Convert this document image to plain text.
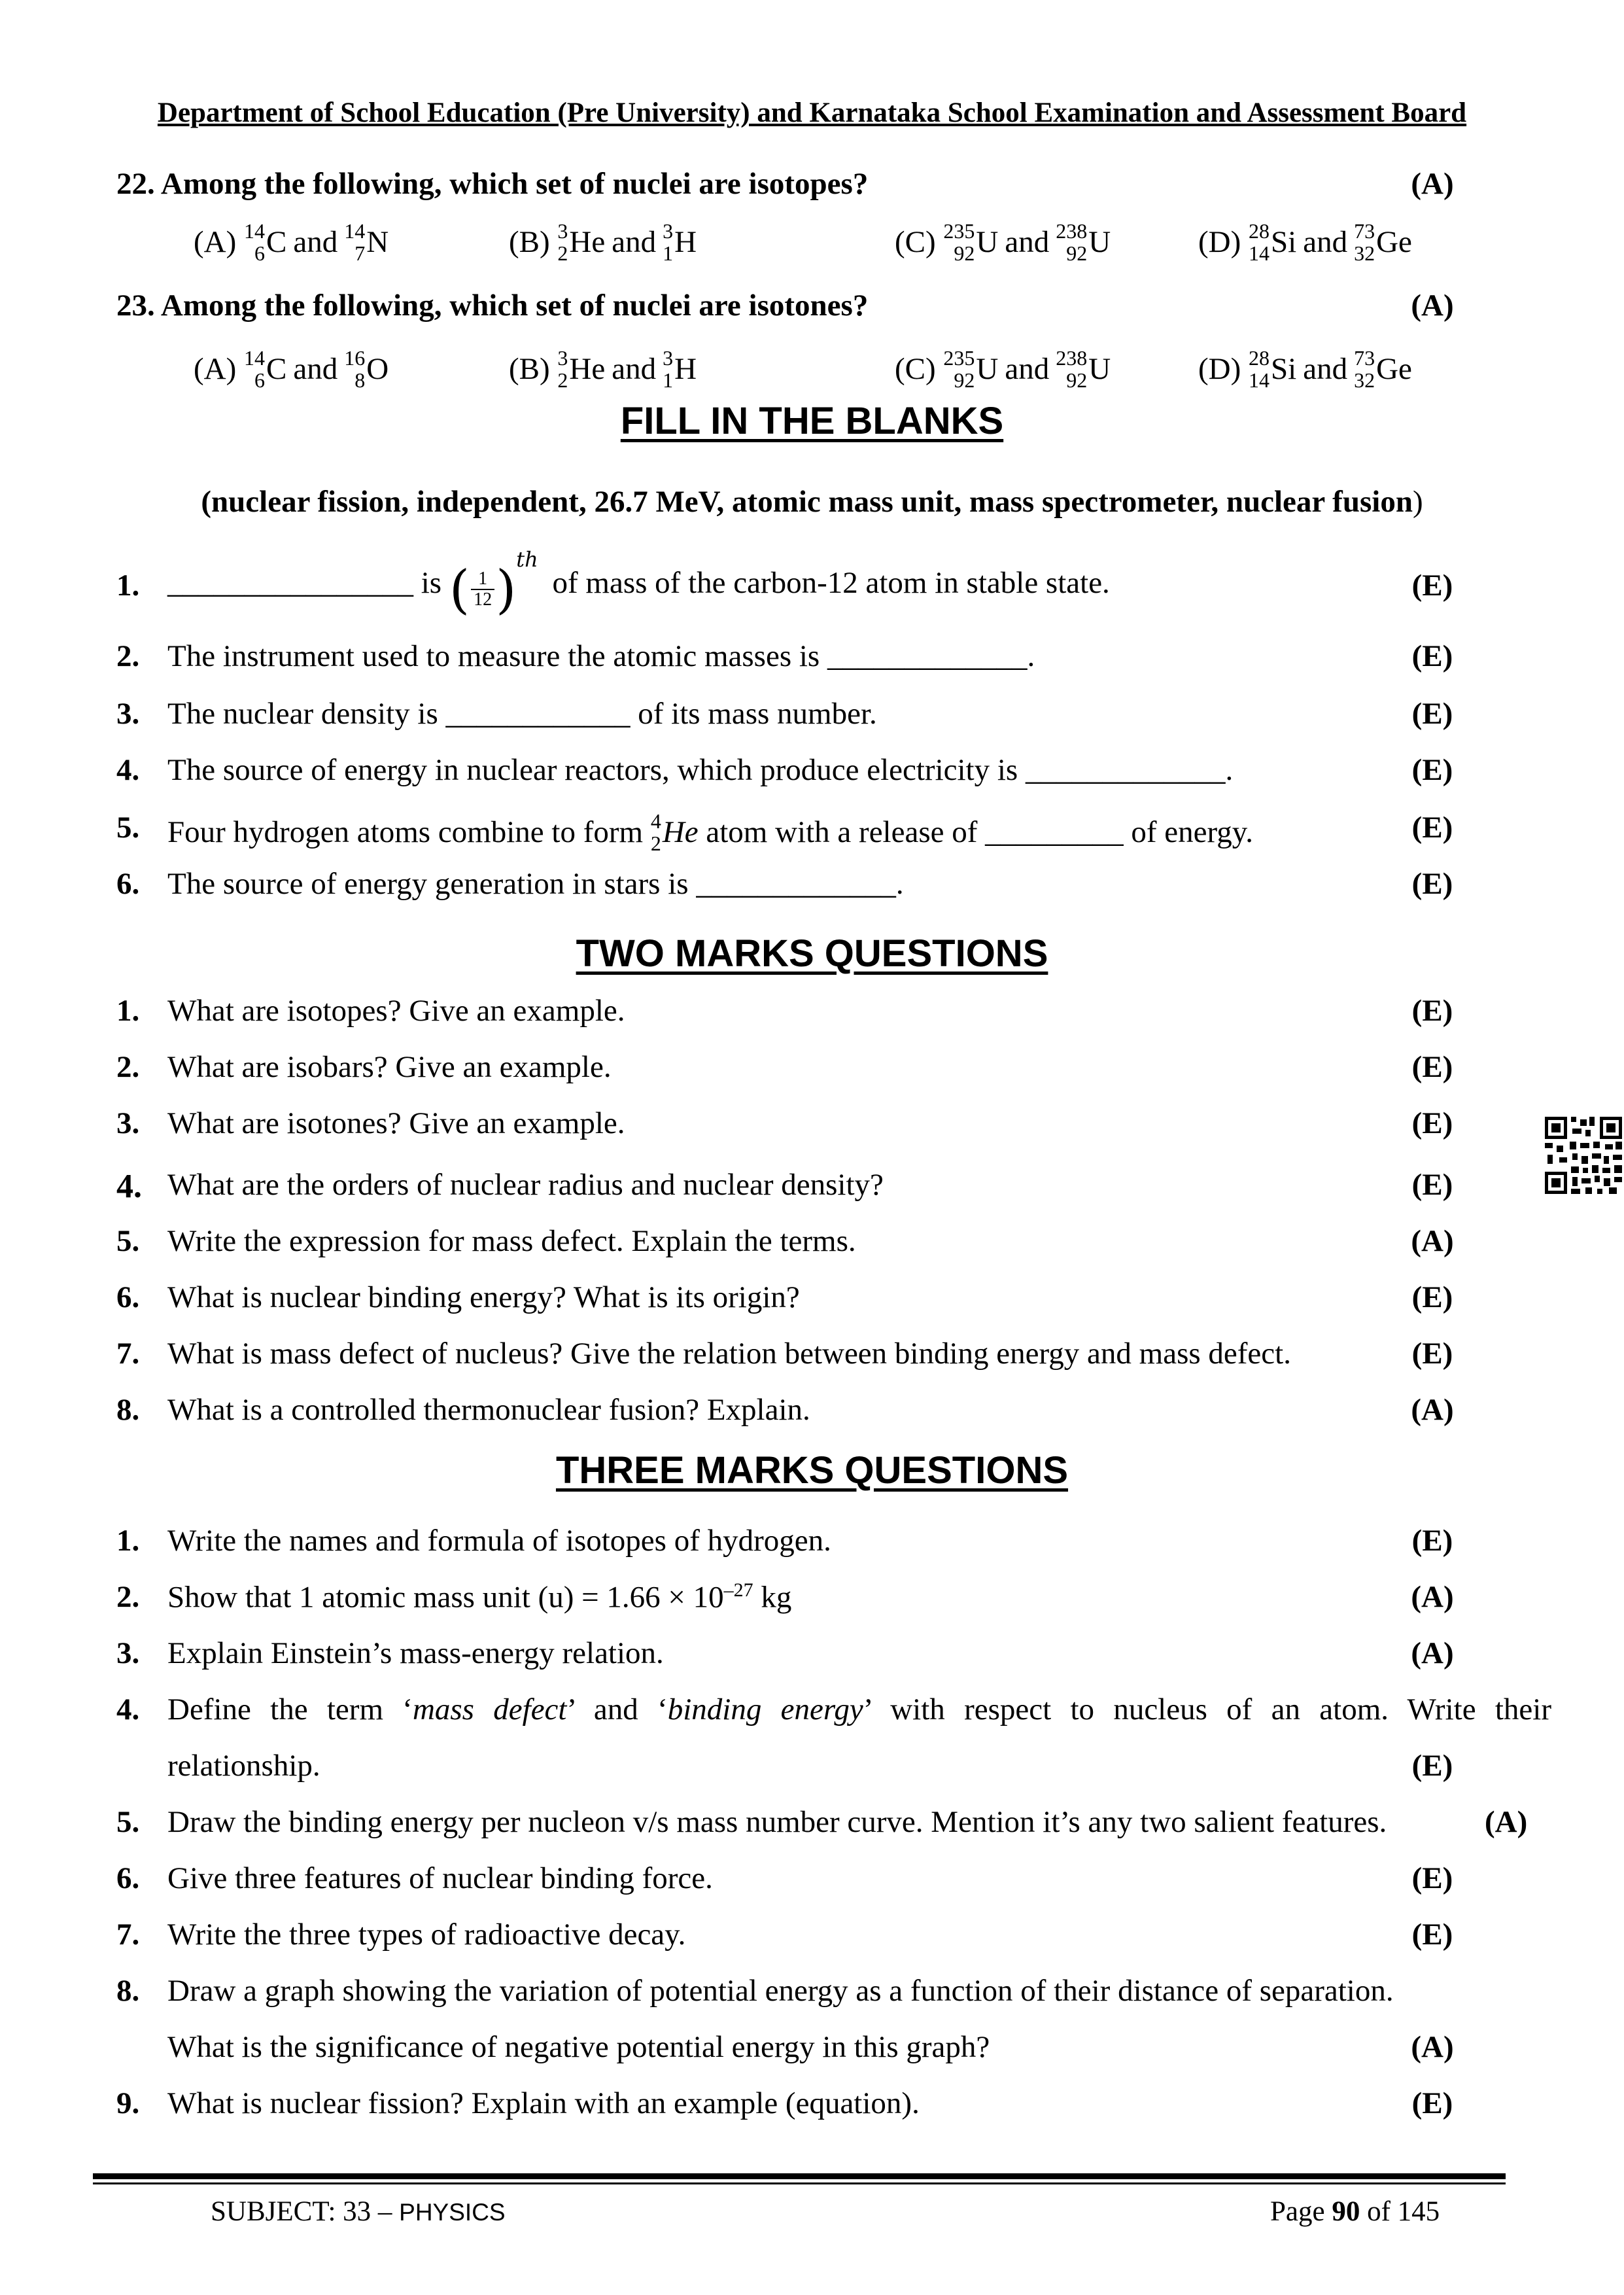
Department of School Education (Pre University) and Karnataka School Examination and Assessment Board
22. Among the following, which set of nuclei are isotopes?	(A)
(A) 14
6 C and 14
7 N	(B) 3
2 He and 3
1 H	(C) 235
92 U and 238
92 U	(D) 28
14 Si and 73
32 Ge
23. Among the following, which set of nuclei are isotones?	(A)
(A) 14
6 C and 16
8 O	(B) 3
2 He and 3
1 H	(C) 235
92 U and 238
92 U	(D) 28
14 Si and 73
32 Ge
FILL IN THE BLANKS
(nuclear fission, independent, 26.7 MeV, atomic mass unit, mass spectrometer, nuclear fusion)
1. ________________ is ( $\frac{1}{12} )^{th}$ of mass of the carbon-12 atom in stable state.	(E)
2. The instrument used to measure the atomic masses is _____________.	(E)
3. The nuclear density is ____________ of its mass number.	(E)
4. The source of energy in nuclear reactors, which produce electricity is _____________.	(E)
5. Four hydrogen atoms combine to form 4
2 He atom with a release of _________ of energy.	(E)
6. The source of energy generation in stars is _____________.	(E)
TWO MARKS QUESTIONS
1. What are isotopes? Give an example.	(E)
2. What are isobars? Give an example.	(E)
3. What are isotones? Give an example.	(E)
4. What are the orders of nuclear radius and nuclear density?	(E)
5. Write the expression for mass defect. Explain the terms.	(A)
6. What is nuclear binding energy? What is its origin?	(E)
7. What is mass defect of nucleus? Give the relation between binding energy and mass defect.	(E)
8. What is a controlled thermonuclear fusion? Explain.	(A)
THREE MARKS QUESTIONS
1. Write the names and formula of isotopes of hydrogen.	(E)
2. Show that 1 atomic mass unit $(u) = 1.66 \times 10^{-27}$ kg	(A)
3. Explain Einstein’s mass-energy relation.	(A)
4. Define the term ‘mass defect’ and ‘binding energy’ with respect to nucleus of an atom. Write their
relationship.	(E)
5. Draw the binding energy per nucleon v/s mass number curve. Mention it’s any two salient features.	(A)
6. Give three features of nuclear binding force.	(E)
7. Write the three types of radioactive decay.	(E)
8. Draw a graph showing the variation of potential energy as a function of their distance of separation.
What is the significance of negative potential energy in this graph?	(A)
9. What is nuclear fission? Explain with an example (equation).	(E)
SUBJECT: 33 – PHYSICS	Page 90 of 145
